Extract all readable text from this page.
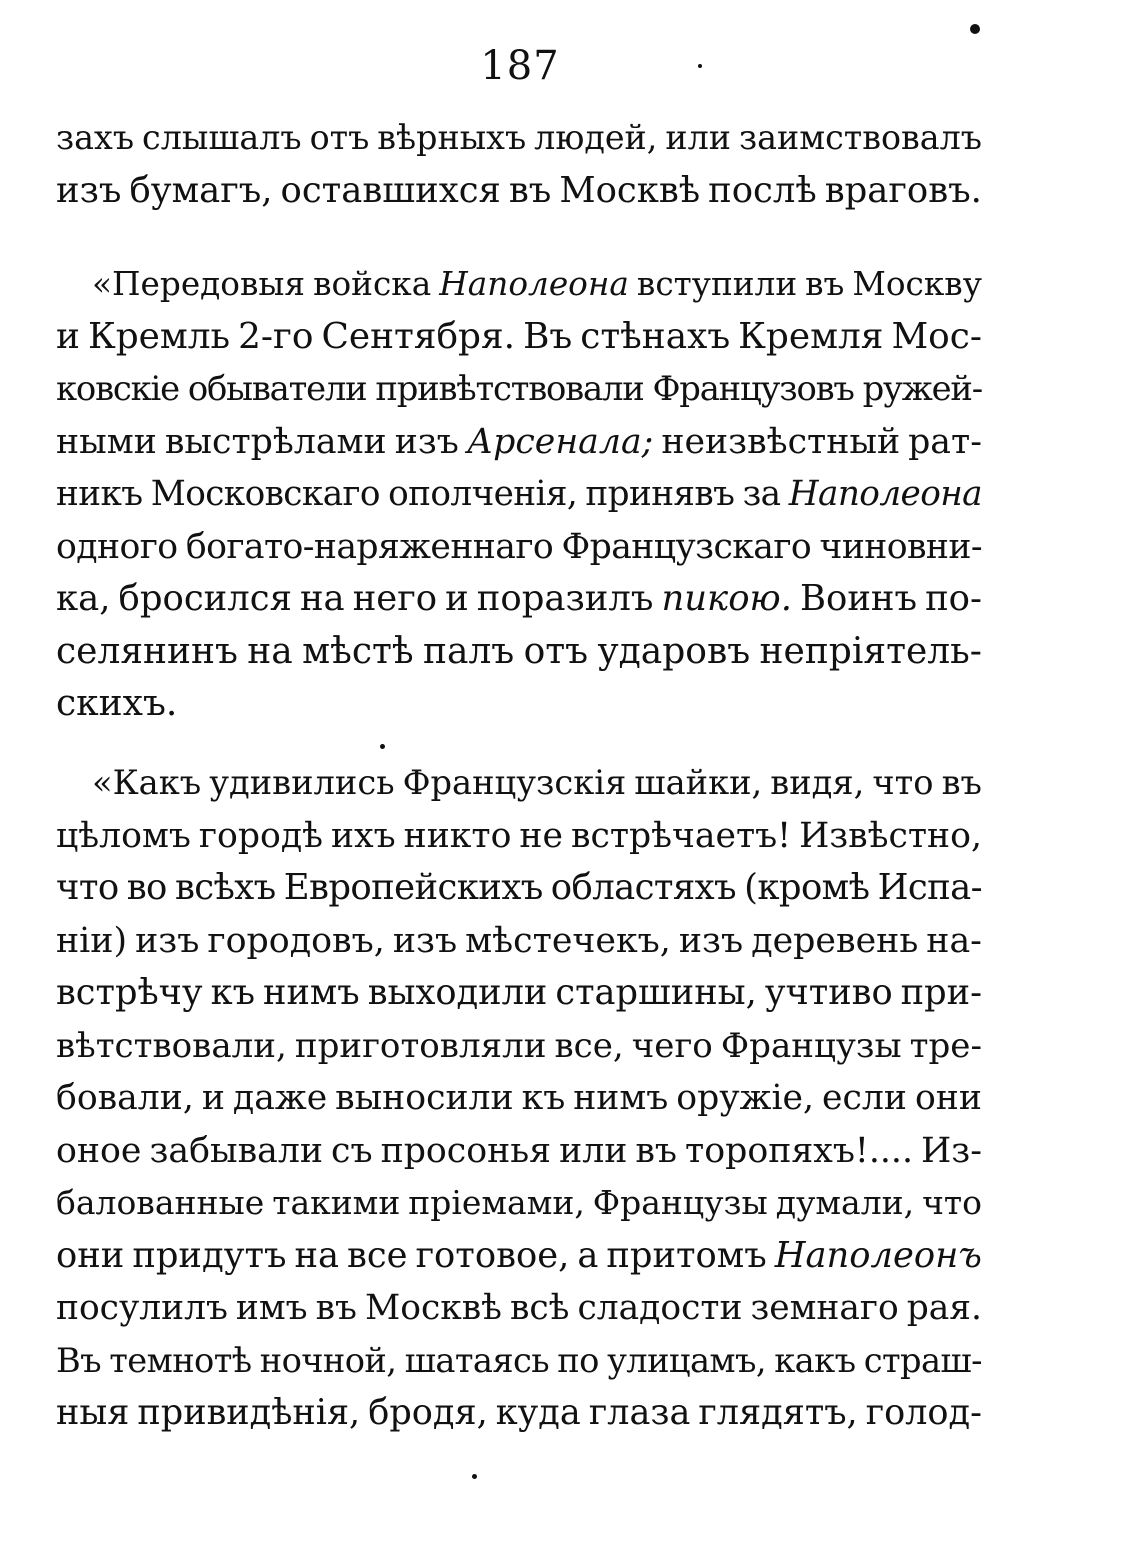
187
захъ слышалъ отъ вѣрныхъ людей, или заимствовалъ
изъ бумагъ, оставшихся въ Москвѣ послѣ враговъ.
«Передовыя войска Наполеона вступили въ Москву
и Кремль 2-го Сентября. Въ стѣнахъ Кремля Мос-
ковскіе обыватели привѣтствовали Французовъ ружей-
ными выстрѣлами изъ Арсенала; неизвѣстный рат-
никъ Московскаго ополченія, принявъ за Наполеона
одного богато-наряженнаго Французскаго чиновни-
ка, бросился на него и поразилъ пикою. Воинъ по-
селянинъ на мѣстѣ палъ отъ ударовъ непріятель-
скихъ.
«Какъ удивились Французскія шайки, видя, что въ
цѣломъ городѣ ихъ никто не встрѣчаетъ! Извѣстно,
что во всѣхъ Европейскихъ областяхъ (кромѣ Испа-
ніи) изъ городовъ, изъ мѣстечекъ, изъ деревень на-
встрѣчу къ нимъ выходили старшины, учтиво при-
вѣтствовали, приготовляли все, чего Французы тре-
бовали, и даже выносили къ нимъ оружіе, если они
оное забывали съ просонья или въ торопяхъ!.... Из-
балованные такими пріемами, Французы думали, что
они придутъ на все готовое, а притомъ Наполеонъ
посулилъ имъ въ Москвѣ всѣ сладости земнаго рая.
Въ темнотѣ ночной, шатаясь по улицамъ, какъ страш-
ныя привидѣнія, бродя, куда глаза глядятъ, голод-
